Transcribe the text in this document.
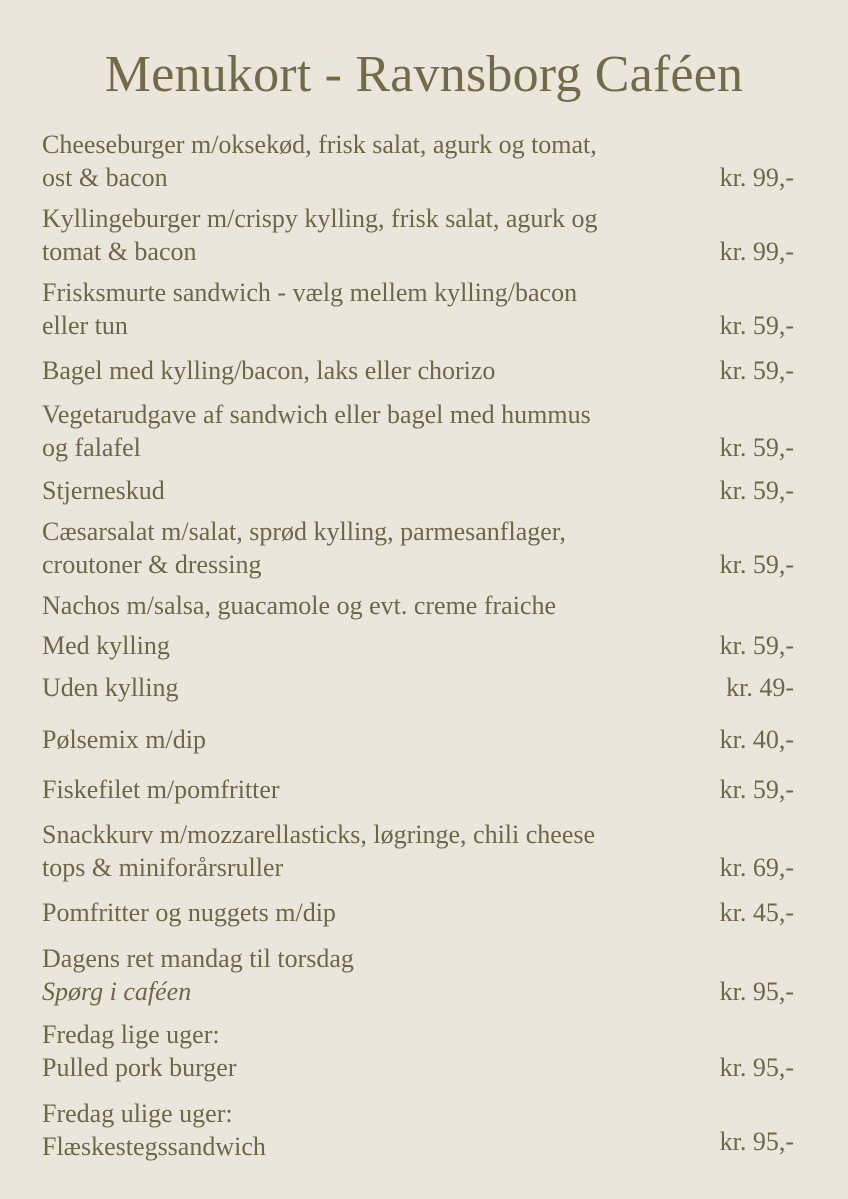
Menukort - Ravnsborg Caféen
Cheeseburger m/oksekød, frisk salat, agurk og tomat,
ost & bacon	kr. 99,-
Kyllingeburger m/crispy kylling, frisk salat, agurk og
tomat & bacon	kr. 99,-
Frisksmurte sandwich - vælg mellem kylling/bacon
eller tun	kr. 59,-
Bagel med kylling/bacon, laks eller chorizo	kr. 59,-
Vegetarudgave af sandwich eller bagel med hummus
og falafel	kr. 59,-
Stjerneskud	kr. 59,-
Cæsarsalat m/salat, sprød kylling, parmesanflager,
croutoner & dressing	kr. 59,-
Nachos m/salsa, guacamole og evt. creme fraiche
Med kylling	kr. 59,-
Uden kylling	kr. 49-
Pølsemix m/dip	kr. 40,-
Fiskefilet m/pomfritter	kr. 59,-
Snackkurv m/mozzarellasticks, løgringe, chili cheese
tops & miniforårsruller	kr. 69,-
Pomfritter og nuggets m/dip	kr. 45,-
Dagens ret mandag til torsdag
Spørg i caféen	kr. 95,-
Fredag lige uger:
Pulled pork burger	kr. 95,-
Fredag ulige uger:
Flæskestegssandwich	kr. 95,-
